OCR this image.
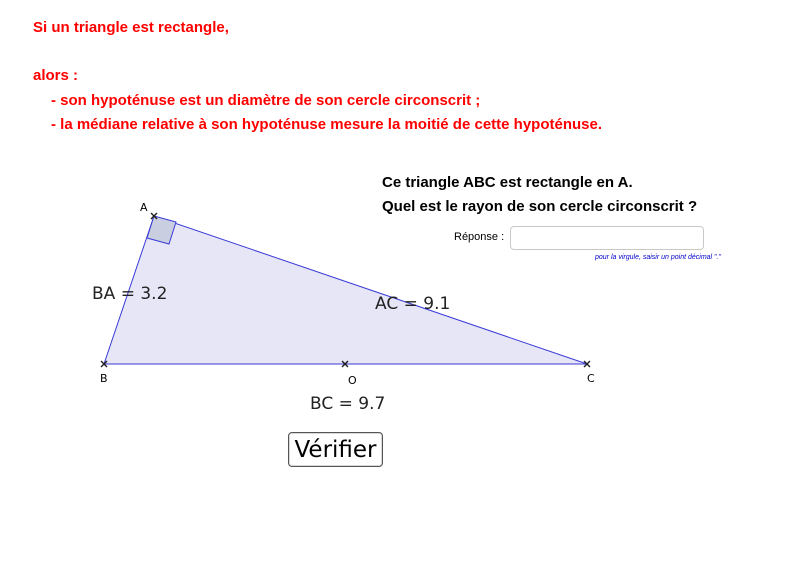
Si un triangle est rectangle,

alors :

- son hypoténuse est un diamètre de son cercle circonscrit ;

- la médiane relative à son hypoténuse mesure la moitié de cette hypoténuse.

Ce triangle ABC est rectangle en A.
Quel est le rayon de son cercle circonscrit ?
Réponse :
pour la virgule, saisir un point décimal "."
A
B	C
O
BA = 3.2	AC = 9.1
BC = 9.7
Vérifier
